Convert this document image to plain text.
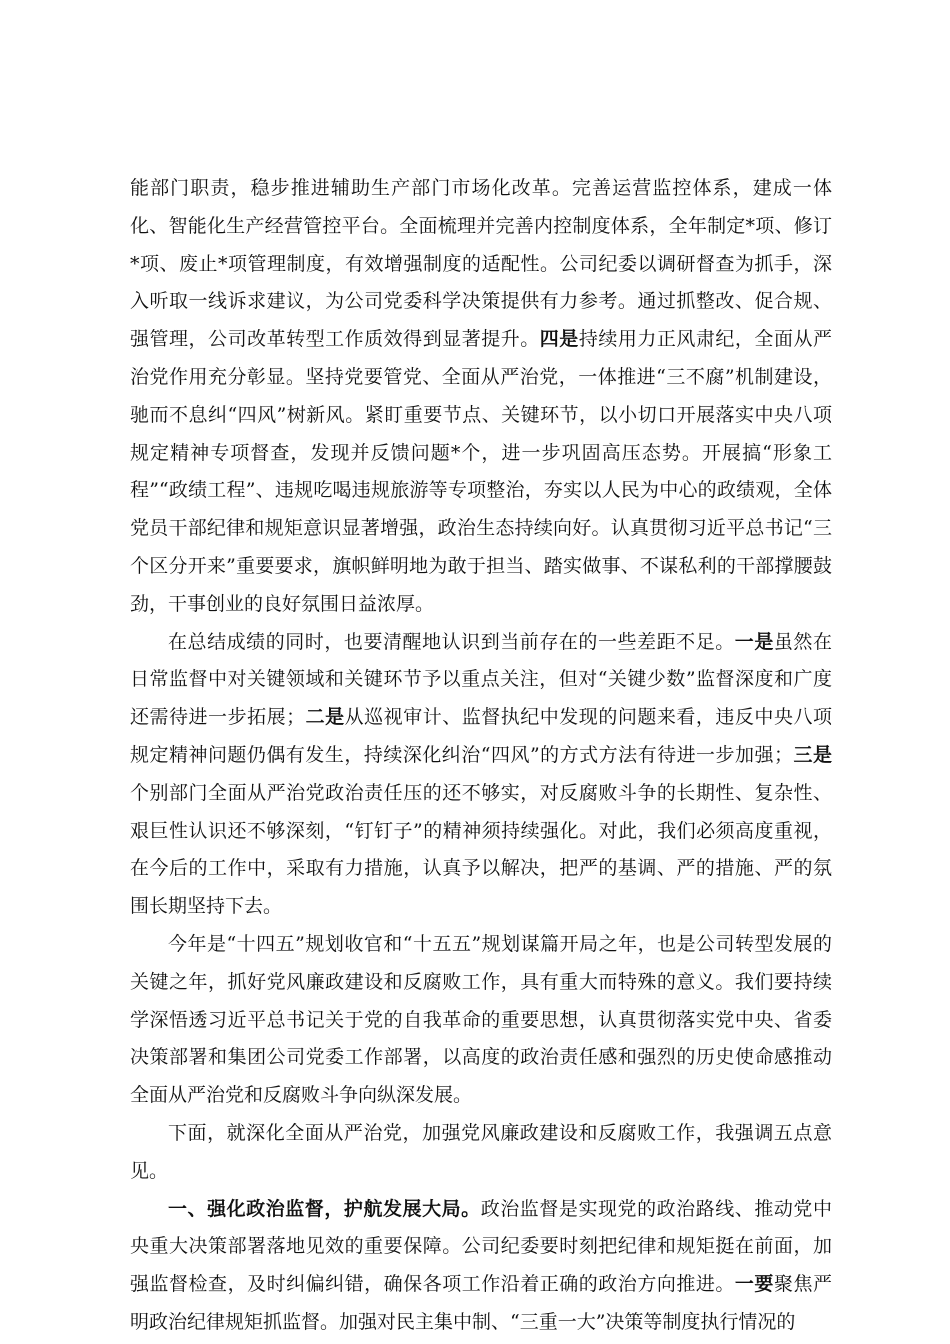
能部门职责，稳步推进辅助生产部门市场化改革。完善运营监控体系，建成一体化、智能化生产经营管控平台。全面梳理并完善内控制度体系，全年制定*项、修订*项、废止*项管理制度，有效增强制度的适配性。公司纪委以调研督查为抓手，深入听取一线诉求建议，为公司党委科学决策提供有力参考。通过抓整改、促合规、强管理，公司改革转型工作质效得到显著提升。四是持续用力正风肃纪，全面从严治党作用充分彰显。坚持党要管党、全面从严治党，一体推进“三不腐”机制建设，驰而不息纠“四风”树新风。紧盯重要节点、关键环节，以小切口开展落实中央八项规定精神专项督查，发现并反馈问题*个，进一步巩固高压态势。开展搞“形象工程”“政绩工程”、违规吃喝违规旅游等专项整治，夯实以人民为中心的政绩观，全体党员干部纪律和规矩意识显著增强，政治生态持续向好。认真贯彻习近平总书记“三个区分开来”重要要求，旗帜鲜明地为敢于担当、踏实做事、不谋私利的干部撑腰鼓劲，干事创业的良好氛围日益浓厚。

在总结成绩的同时，也要清醒地认识到当前存在的一些差距不足。一是虽然在日常监督中对关键领域和关键环节予以重点关注，但对“关键少数”监督深度和广度还需待进一步拓展；二是从巡视审计、监督执纪中发现的问题来看，违反中央八项规定精神问题仍偶有发生，持续深化纠治“四风”的方式方法有待进一步加强；三是个别部门全面从严治党政治责任压的还不够实，对反腐败斗争的长期性、复杂性、艰巨性认识还不够深刻，“钉钉子”的精神须持续强化。对此，我们必须高度重视，在今后的工作中，采取有力措施，认真予以解决，把严的基调、严的措施、严的氛围长期坚持下去。

今年是“十四五”规划收官和“十五五”规划谋篇开局之年，也是公司转型发展的关键之年，抓好党风廉政建设和反腐败工作，具有重大而特殊的意义。我们要持续学深悟透习近平总书记关于党的自我革命的重要思想，认真贯彻落实党中央、省委决策部署和集团公司党委工作部署，以高度的政治责任感和强烈的历史使命感推动全面从严治党和反腐败斗争向纵深发展。

下面，就深化全面从严治党，加强党风廉政建设和反腐败工作，我强调五点意见。

一、强化政治监督，护航发展大局。政治监督是实现党的政治路线、推动党中央重大决策部署落地见效的重要保障。公司纪委要时刻把纪律和规矩挺在前面，加强监督检查，及时纠偏纠错，确保各项工作沿着正确的政治方向推进。一要聚焦严明政治纪律规矩抓监督。加强对民主集中制、“三重一大”决策等制度执行情况的
